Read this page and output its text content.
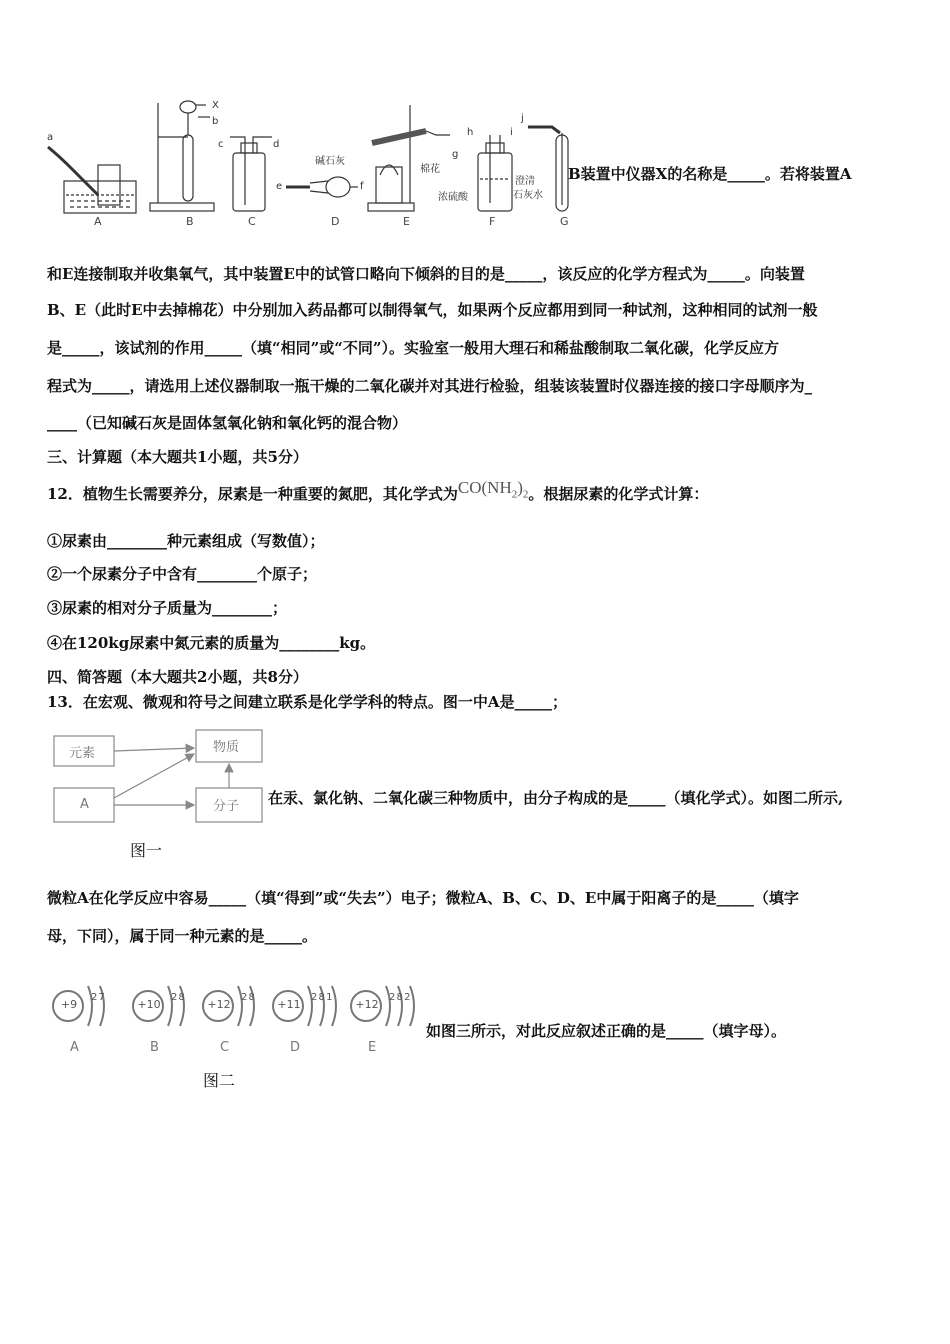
a
X
b
c	d
碱石灰
e	f
棉花
g
h	i
j
浓硫酸
澄清
石灰水
A	B	C	D	E	F	G
B装置中仪器X的名称是_____。若将装置A
和E连接制取并收集氧气，其中装置E中的试管口略向下倾斜的目的是_____，该反应的化学方程式为_____。向装置
B、E（此时E中去掉棉花）中分别加入药品都可以制得氧气，如果两个反应都用到同一种试剂，这种相同的试剂一般
是_____，该试剂的作用_____（填“相同”或“不同”）。实验室一般用大理石和稀盐酸制取二氧化碳，化学反应方
程式为_____，请选用上述仪器制取一瓶干燥的二氧化碳并对其进行检验，组装该装置时仪器连接的接口字母顺序为_
____（已知碱石灰是固体氢氧化钠和氧化钙的混合物）
三、计算题（本大题共1小题，共5分）
12．植物生长需要养分，尿素是一种重要的氮肥，其化学式为$CO(NH_2)_2$。根据尿素的化学式计算：
①尿素由________种元素组成（写数值）；
②一个尿素分子中含有________个原子；
③尿素的相对分子质量为________；
④在120kg尿素中氮元素的质量为________kg。
四、简答题（本大题共2小题，共8分）
13．在宏观、微观和符号之间建立联系是化学学科的特点。图一中A是_____；
元素	物质
A	分子
图一
在汞、氯化钠、二氧化碳三种物质中，由分子构成的是_____（填化学式）。如图二所示,
微粒A在化学反应中容易_____（填“得到”或“失去”）电子；微粒A、B、C、D、E中属于阳离子的是_____（填字
母，下同），属于同一种元素的是_____。
+9
2 7
A
+10
2 8
B
+12
2 8
C
+11
2 8 1
D
+12
2 8 2
E
图二
如图三所示，对此反应叙述正确的是_____（填字母）。
